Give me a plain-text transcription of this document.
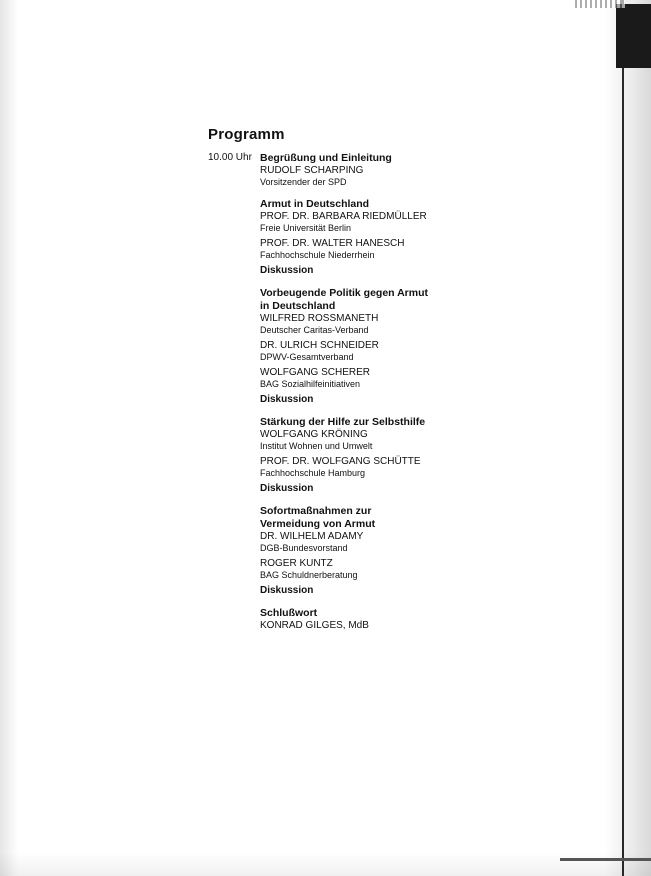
Programm
10.00 Uhr Begrüßung und Einleitung
RUDOLF SCHARPING
Vorsitzender der SPD
Armut in Deutschland
PROF. DR. BARBARA RIEDMÜLLER
Freie Universität Berlin
PROF. DR. WALTER HANESCH
Fachhochschule Niederrhein
Diskussion
Vorbeugende Politik gegen Armut
in Deutschland
WILFRED ROSSMANETH
Deutscher Caritas-Verband
DR. ULRICH SCHNEIDER
DPWV-Gesamtverband
WOLFGANG SCHERER
BAG Sozialhilfeinitiativen
Diskussion
Stärkung der Hilfe zur Selbsthilfe
WOLFGANG KRÖNING
Institut Wohnen und Umwelt
PROF. DR. WOLFGANG SCHÜTTE
Fachhochschule Hamburg
Diskussion
Sofortmaßnahmen zur
Vermeidung von Armut
DR. WILHELM ADAMY
DGB-Bundesvorstand
ROGER KUNTZ
BAG Schuldnerberatung
Diskussion
Schlußwort
KONRAD GILGES, MdB
